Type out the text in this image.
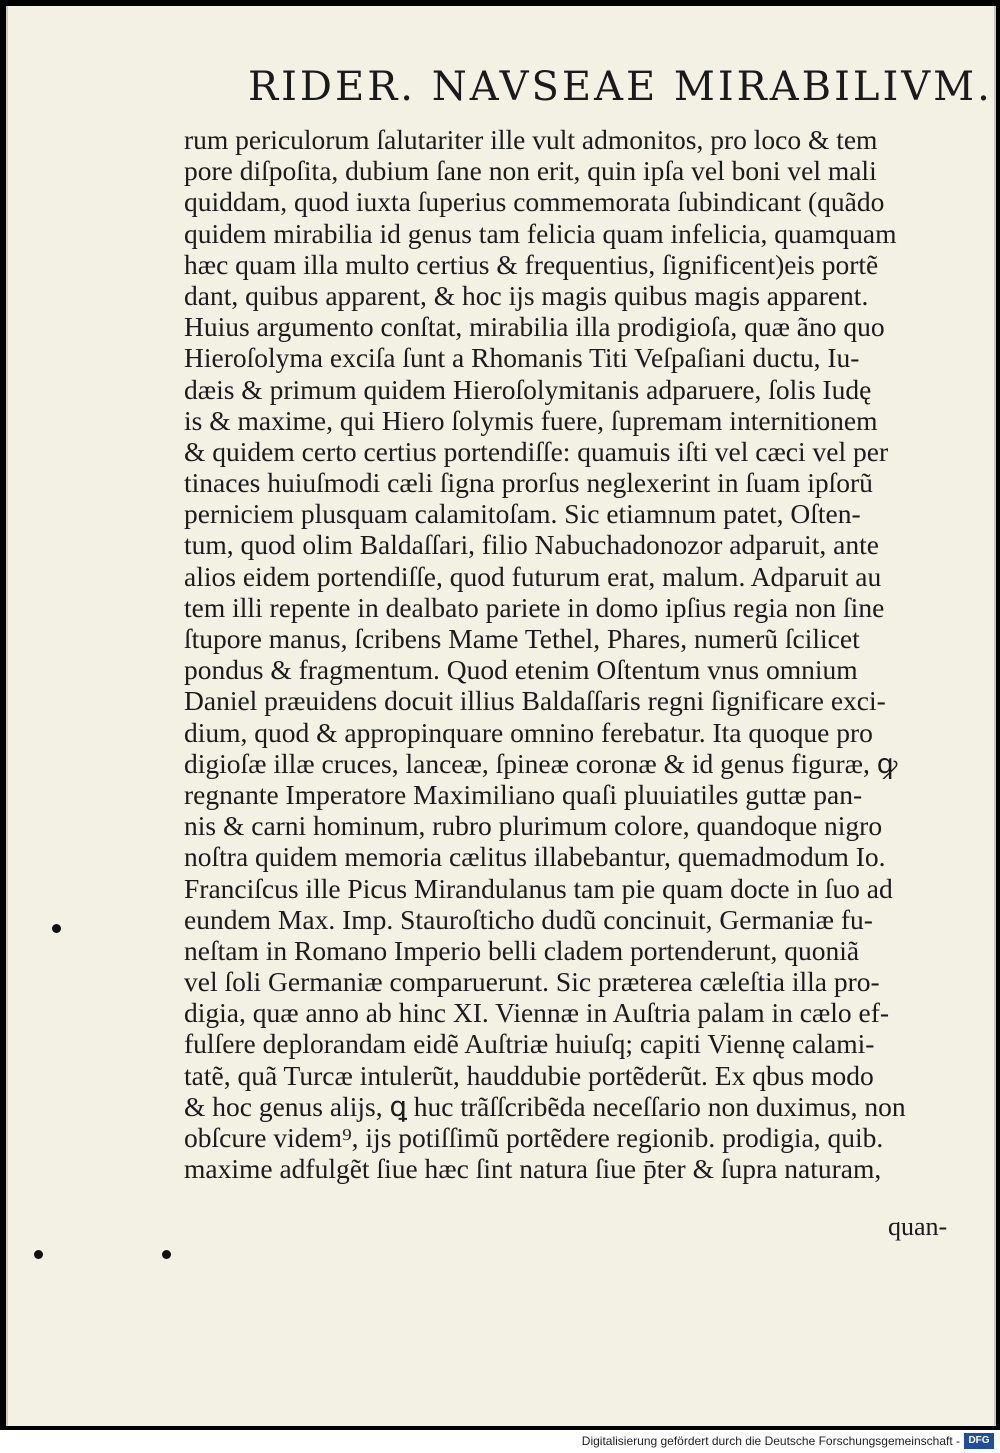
RIDER. NAVSEAE MIRABILIVM.
rum periculorum ſalutariter ille vult admonitos, pro loco & tem
pore diſpoſita, dubium ſane non erit, quin ipſa vel boni vel mali
quiddam, quod iuxta ſuperius commemorata ſubindicant (quãdo
quidem mirabilia id genus tam felicia quam infelicia, quamquam
hæc quam illa multo certius & frequentius, ſignificent)eis portẽ
dant, quibus apparent, & hoc ijs magis quibus magis apparent.
Huius argumento conſtat, mirabilia illa prodigioſa, quæ ãno quo
Hieroſolyma exciſa ſunt a Rhomanis Titi Veſpaſiani ductu, Iu-
dæis & primum quidem Hieroſolymitanis adparuere, ſolis Iudę
is & maxime, qui Hiero ſolymis fuere, ſupremam internitionem
& quidem certo certius portendiſſe: quamuis iſti vel cæci vel per
tinaces huiuſmodi cæli ſigna prorſus neglexerint in ſuam ipſorũ
perniciem plusquam calamitoſam. Sic etiamnum patet, Oſten-
tum, quod olim Baldaſſari, filio Nabuchadonozor adparuit, ante
alios eidem portendiſſe, quod futurum erat, malum. Adparuit au
tem illi repente in dealbato pariete in domo ipſius regia non ſine
ſtupore manus, ſcribens Mame Tethel, Phares, numerũ ſcilicet
pondus & fragmentum. Quod etenim Oſtentum vnus omnium
Daniel præuidens docuit illius Baldaſſaris regni ſignificare exci-
dium, quod & appropinquare omnino ferebatur. Ita quoque pro
digioſæ illæ cruces, lanceæ, ſpineæ coronæ & id genus figuræ, ꝙ
regnante Imperatore Maximiliano quaſi pluuiatiles guttæ pan-
nis & carni hominum, rubro plurimum colore, quandoque nigro
noſtra quidem memoria cælitus illabebantur, quemadmodum Io.
Franciſcus ille Picus Mirandulanus tam pie quam docte in ſuo ad
eundem Max. Imp. Stauroſticho dudũ concinuit, Germaniæ fu-
neſtam in Romano Imperio belli cladem portenderunt, quoniã
vel ſoli Germaniæ comparuerunt. Sic præterea cæleſtia illa pro-
digia, quæ anno ab hinc XI. Viennæ in Auſtria palam in cælo ef-
fulſere deplorandam eidẽ Auſtriæ huiuſq; capiti Viennę calami-
tatẽ, quã Turcæ intulerũt, hauddubie portẽderũt. Ex qbus modo
& hoc genus alijs, ꝗ huc trãſſcribẽda neceſſario non duximus, non
obſcure videm⁹, ijs potiſſimũ portẽdere regionib. prodigia, quib.
maxime adfulgẽt ſiue hæc ſint natura ſiue p̄ter & ſupra naturam,
quan-
Digitalisierung gefördert durch die Deutsche Forschungsgemeinschaft - DFG
